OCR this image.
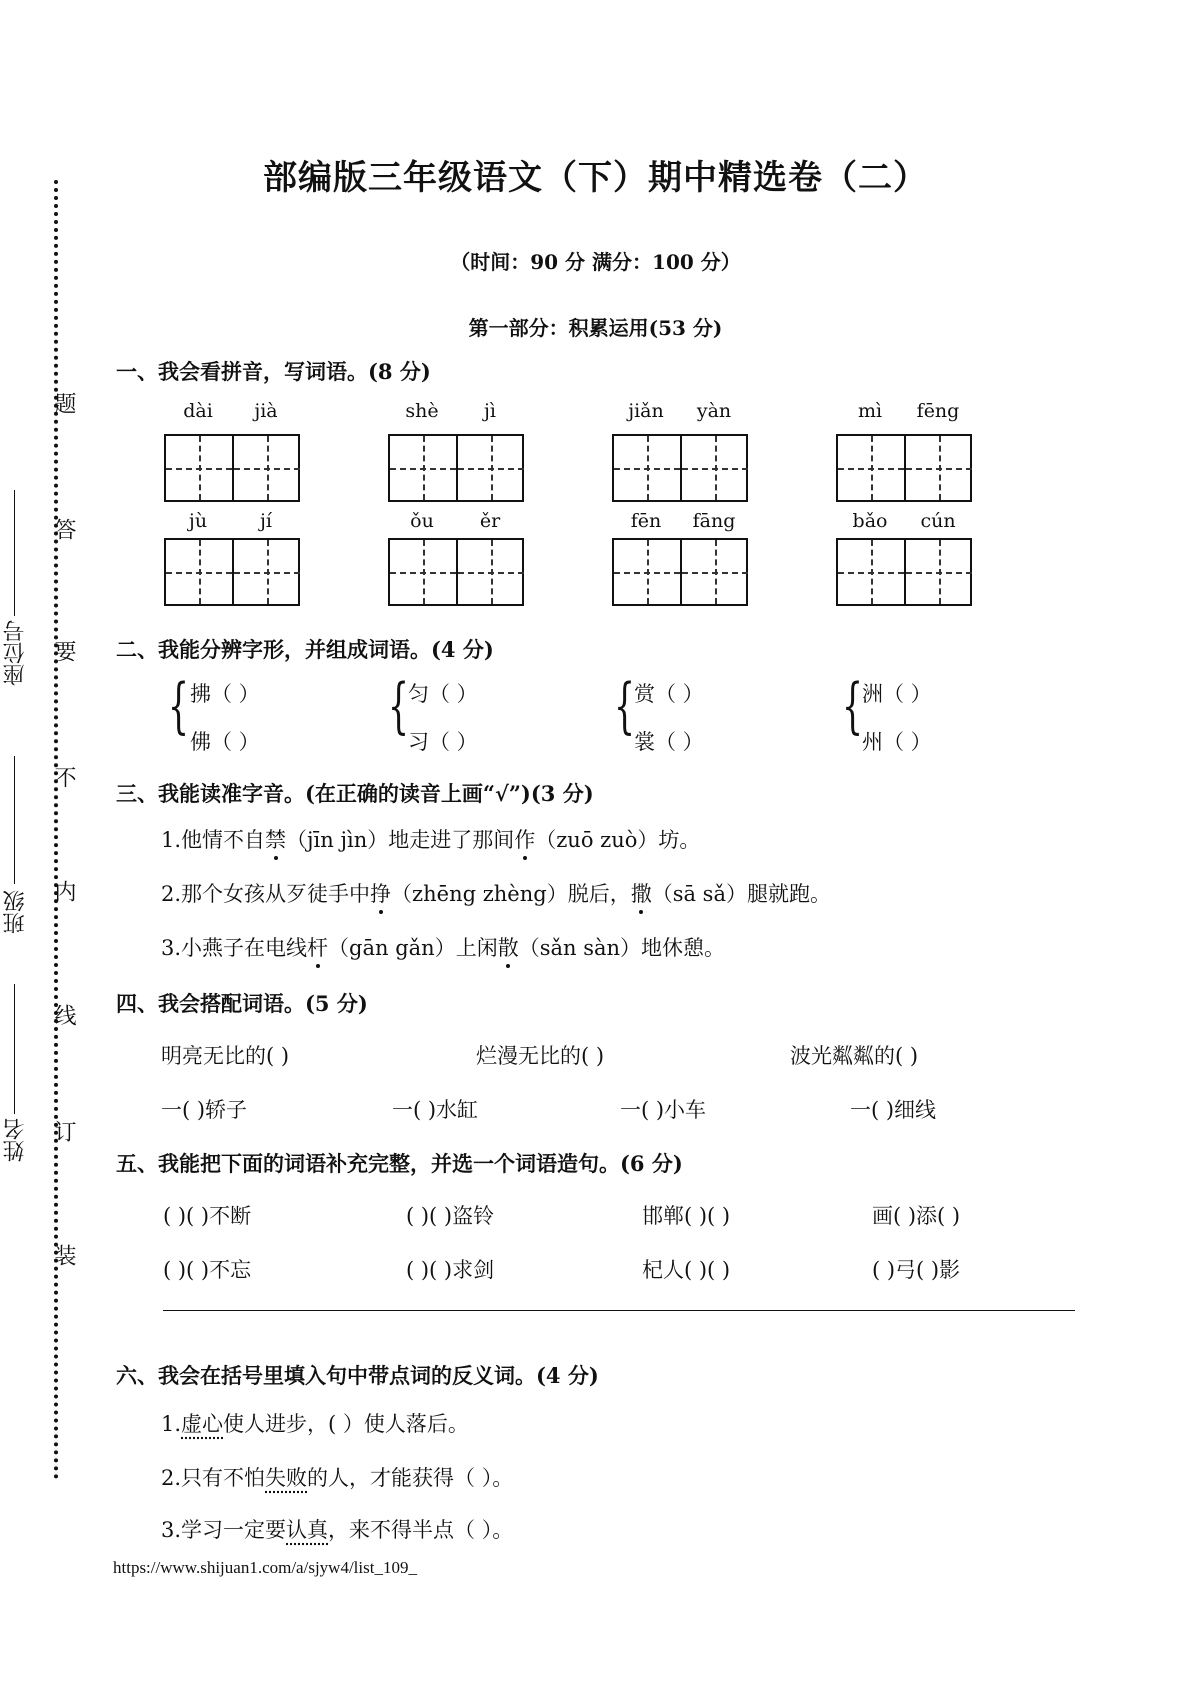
题
答
要
不
内
线
订
装
座位号
班级
姓名
部编版三年级语文（下）期中精选卷（二）
（时间：90 分 满分：100 分）
第一部分：积累运用(53 分)
一、我会看拼音，写词语。(8 分)
dài	jià	shè	jì	jiǎn	yàn	mì	fēng
jù	jí	ǒu	ěr	fēn	fāng	bǎo	cún
二、我能分辨字形，并组成词语。(4 分)
{ 拂（ ）
佛（ ）
{
匀（ ）
习（ ）
{
赏（ ）
裳（ ）
{
洲（ ）
州（ ）
三、我能读准字音。(在正确的读音上画“√”)(3 分)
1.他情不自禁（jīn jìn）地走进了那间作（zuō zuò）坊。
2.那个女孩从歹徒手中挣（zhēng zhèng）脱后，撒（sā sǎ）腿就跑。
3.小燕子在电线杆（gān gǎn）上闲散（sǎn sàn）地休憩。
四、我会搭配词语。(5 分)
明亮无比的( )	烂漫无比的( )	波光粼粼的( )
一( )轿子	一( )水缸	一( )小车	一( )细线
五、我能把下面的词语补充完整，并选一个词语造句。(6 分)
( )( )不断	( )( )盗铃	邯郸( )( )	画( )添( )
( )( )不忘	( )( )求剑	杞人( )( )	( )弓( )影
六、我会在括号里填入句中带点词的反义词。(4 分)
1.虚心使人进步，( ）使人落后。
2.只有不怕失败的人，才能获得（ ）。
3.学习一定要认真，来不得半点（ ）。
https://www.shijuan1.com/a/sjyw4/list_109_
